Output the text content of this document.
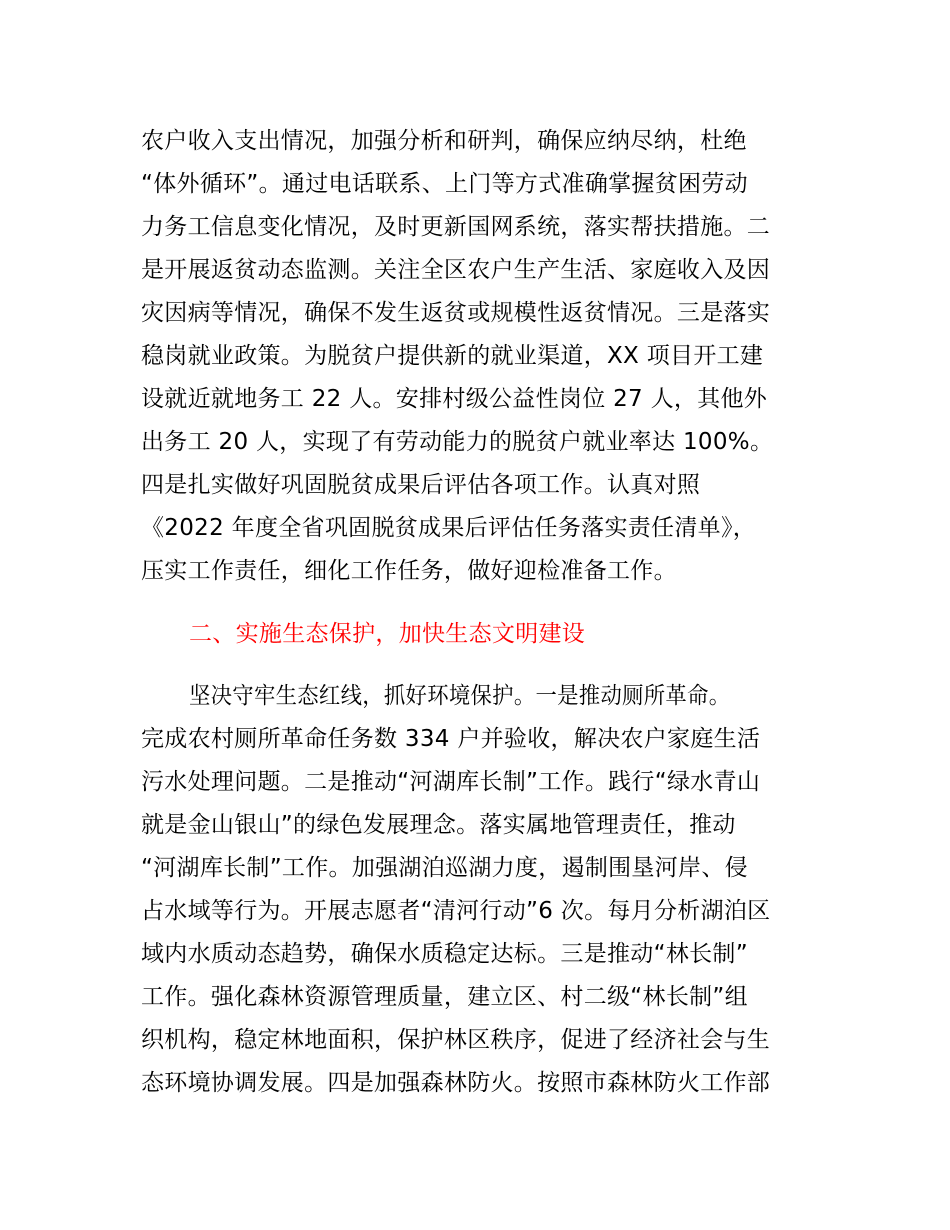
农户收入支出情况，加强分析和研判，确保应纳尽纳，杜绝
“体外循环”。通过电话联系、上门等方式准确掌握贫困劳动
力务工信息变化情况，及时更新国网系统，落实帮扶措施。二
是开展返贫动态监测。关注全区农户生产生活、家庭收入及因
灾因病等情况，确保不发生返贫或规模性返贫情况。三是落实
稳岗就业政策。为脱贫户提供新的就业渠道，XX 项目开工建
设就近就地务工 22 人。安排村级公益性岗位 27 人，其他外
出务工 20 人，实现了有劳动能力的脱贫户就业率达 100%。
四是扎实做好巩固脱贫成果后评估各项工作。认真对照
《2022 年度全省巩固脱贫成果后评估任务落实责任清单》，
压实工作责任，细化工作任务，做好迎检准备工作。
二、实施生态保护，加快生态文明建设
坚决守牢生态红线，抓好环境保护。一是推动厕所革命。
完成农村厕所革命任务数 334 户并验收，解决农户家庭生活
污水处理问题。二是推动“河湖库长制”工作。践行“绿水青山
就是金山银山”的绿色发展理念。落实属地管理责任，推动
“河湖库长制”工作。加强湖泊巡湖力度，遏制围垦河岸、侵
占水域等行为。开展志愿者“清河行动”6 次。每月分析湖泊区
域内水质动态趋势，确保水质稳定达标。三是推动“林长制”
工作。强化森林资源管理质量，建立区、村二级“林长制”组
织机构，稳定林地面积，保护林区秩序，促进了经济社会与生
态环境协调发展。四是加强森林防火。按照市森林防火工作部
